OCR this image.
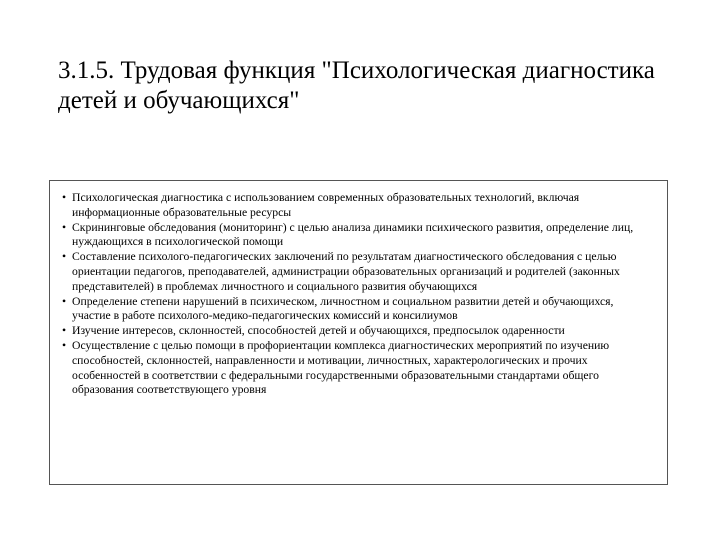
3.1.5. Трудовая функция "Психологическая диагностика детей и обучающихся"
• Психологическая диагностика с использованием современных образовательных технологий, включая информационные образовательные ресурсы
• Скрининговые обследования (мониторинг) с целью анализа динамики психического развития, определение лиц, нуждающихся в психологической помощи
• Составление психолого-педагогических заключений по результатам диагностического обследования с целью ориентации педагогов, преподавателей, администрации образовательных организаций и родителей (законных представителей) в проблемах личностного и социального развития обучающихся
• Определение степени нарушений в психическом, личностном и социальном развитии детей и обучающихся, участие в работе психолого-медико-педагогических комиссий и консилиумов
• Изучение интересов, склонностей, способностей детей и обучающихся, предпосылок одаренности
• Осуществление с целью помощи в профориентации комплекса диагностических мероприятий по изучению способностей, склонностей, направленности и мотивации, личностных, характерологических и прочих особенностей в соответствии с федеральными государственными образовательными стандартами общего образования соответствующего уровня
